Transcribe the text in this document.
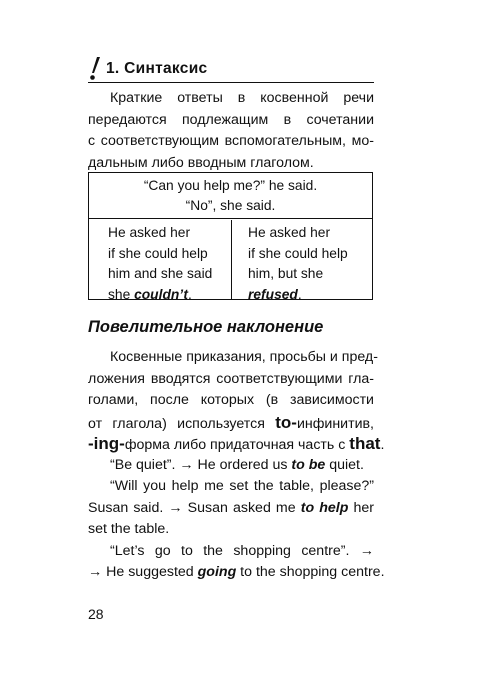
1. Синтаксис
Краткие ответы в косвенной речи
передаются подлежащим в сочетании
с соответствующим вспомогательным, мо-
дальным либо вводным глаголом.
“Can you help me?” he said.
“No”, she said.
He asked her
if she could help
him and she said
she couldn’t.
He asked her
if she could help
him, but she
refused.
Повелительное наклонение
Косвенные приказания, просьбы и пред-
ложения вводятся соответствующими гла-
голами, после которых (в зависимости
от глагола) используется to-инфинитив,
-ing-форма либо придаточная часть с that.
“Be quiet”. → He ordered us to be quiet.
“Will you help me set the table, please?”
Susan said. → Susan asked me to help her
set the table.
“Let’s go to the shopping centre”. →
→ He suggested going to the shopping centre.
28
